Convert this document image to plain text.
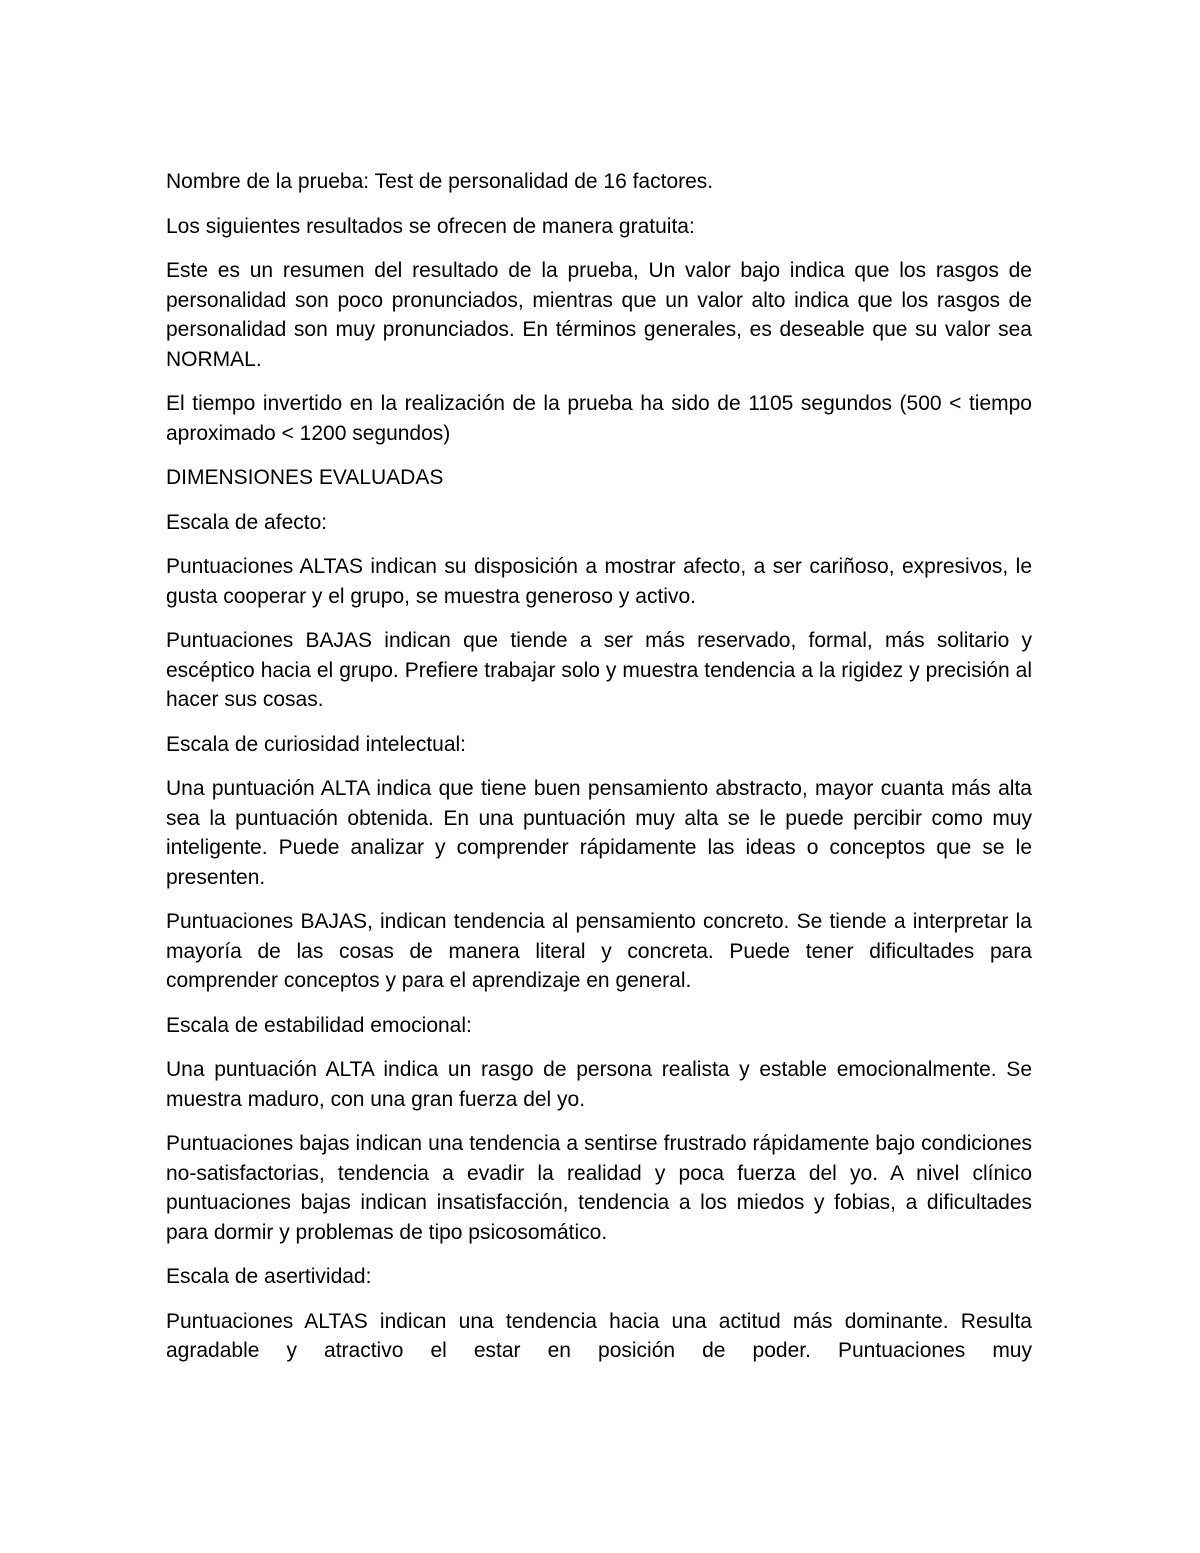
Nombre de la prueba: Test de personalidad de 16 factores.

Los siguientes resultados se ofrecen de manera gratuita:

Este es un resumen del resultado de la prueba, Un valor bajo indica que los rasgos de personalidad son poco pronunciados, mientras que un valor alto indica que los rasgos de personalidad son muy pronunciados. En términos generales, es deseable que su valor sea NORMAL.

El tiempo invertido en la realización de la prueba ha sido de 1105 segundos (500 < tiempo aproximado < 1200 segundos)

DIMENSIONES EVALUADAS

Escala de afecto:

Puntuaciones ALTAS indican su disposición a mostrar afecto, a ser cariñoso, expresivos, le gusta cooperar y el grupo, se muestra generoso y activo.

Puntuaciones BAJAS indican que tiende a ser más reservado, formal, más solitario y escéptico hacia el grupo. Prefiere trabajar solo y muestra tendencia a la rigidez y precisión al hacer sus cosas.

Escala de curiosidad intelectual:

Una puntuación ALTA indica que tiene buen pensamiento abstracto, mayor cuanta más alta sea la puntuación obtenida. En una puntuación muy alta se le puede percibir como muy inteligente. Puede analizar y comprender rápidamente las ideas o conceptos que se le presenten.

Puntuaciones BAJAS, indican tendencia al pensamiento concreto. Se tiende a interpretar la mayoría de las cosas de manera literal y concreta. Puede tener dificultades para comprender conceptos y para el aprendizaje en general.

Escala de estabilidad emocional:

Una puntuación ALTA indica un rasgo de persona realista y estable emocionalmente. Se muestra maduro, con una gran fuerza del yo.

Puntuaciones bajas indican una tendencia a sentirse frustrado rápidamente bajo condiciones no-satisfactorias, tendencia a evadir la realidad y poca fuerza del yo. A nivel clínico puntuaciones bajas indican insatisfacción, tendencia a los miedos y fobias, a dificultades para dormir y problemas de tipo psicosomático.

Escala de asertividad:

Puntuaciones ALTAS indican una tendencia hacia una actitud más dominante. Resulta agradable y atractivo el estar en posición de poder. Puntuaciones muy
